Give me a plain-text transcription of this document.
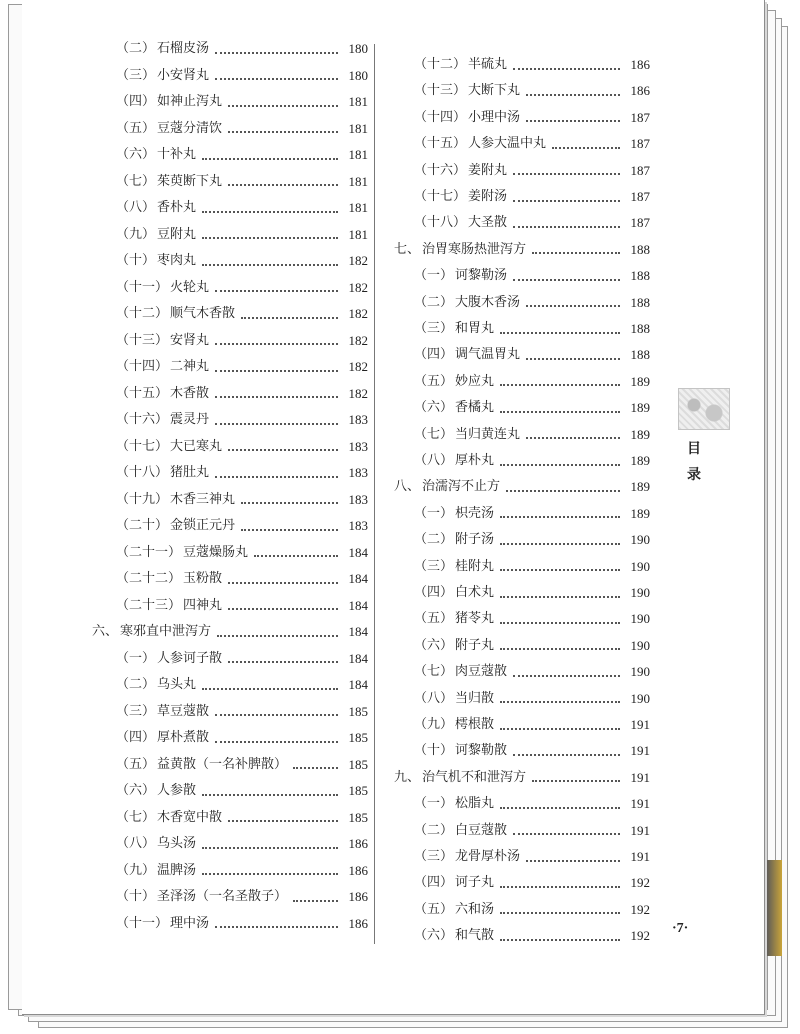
（二） 石榴皮汤	180
（三） 小安肾丸	180
（四） 如神止泻丸	181
（五） 豆蔻分清饮	181
（六） 十补丸	181
（七） 茱萸断下丸	181
（八） 香朴丸	181
（九） 豆附丸	181
（十） 枣肉丸	182
（十一） 火轮丸	182
（十二） 顺气木香散	182
（十三） 安肾丸	182
（十四） 二神丸	182
（十五） 木香散	182
（十六） 震灵丹	183
（十七） 大已寒丸	183
（十八） 猪肚丸	183
（十九） 木香三神丸	183
（二十） 金锁正元丹	183
（二十一） 豆蔻燥肠丸	184
（二十二） 玉粉散	184
（二十三） 四神丸	184
六、 寒邪直中泄泻方	184
（一） 人参诃子散	184
（二） 乌头丸	184
（三） 草豆蔻散	185
（四） 厚朴煮散	185
（五） 益黄散（一名补脾散）	185
（六） 人参散	185
（七） 木香宽中散	185
（八） 乌头汤	186
（九） 温脾汤	186
（十） 圣泽汤（一名圣散子）	186
（十一） 理中汤	186
（十二） 半硫丸	186
（十三） 大断下丸	186
（十四） 小理中汤	187
（十五） 人参大温中丸	187
（十六） 姜附丸	187
（十七） 姜附汤	187
（十八） 大圣散	187
七、 治胃寒肠热泄泻方	188
（一） 诃黎勒汤	188
（二） 大腹木香汤	188
（三） 和胃丸	188
（四） 调气温胃丸	188
（五） 妙应丸	189
（六） 香橘丸	189
（七） 当归黄连丸	189
（八） 厚朴丸	189
八、 治濡泻不止方	189
（一） 枳壳汤	189
（二） 附子汤	190
（三） 桂附丸	190
（四） 白术丸	190
（五） 猪苓丸	190
（六） 附子丸	190
（七） 肉豆蔻散	190
（八） 当归散	190
（九） 樗根散	191
（十） 诃黎勒散	191
九、 治气机不和泄泻方	191
（一） 松脂丸	191
（二） 白豆蔻散	191
（三） 龙骨厚朴汤	191
（四） 诃子丸	192
（五） 六和汤	192
（六） 和气散	192
目
录
·7·
